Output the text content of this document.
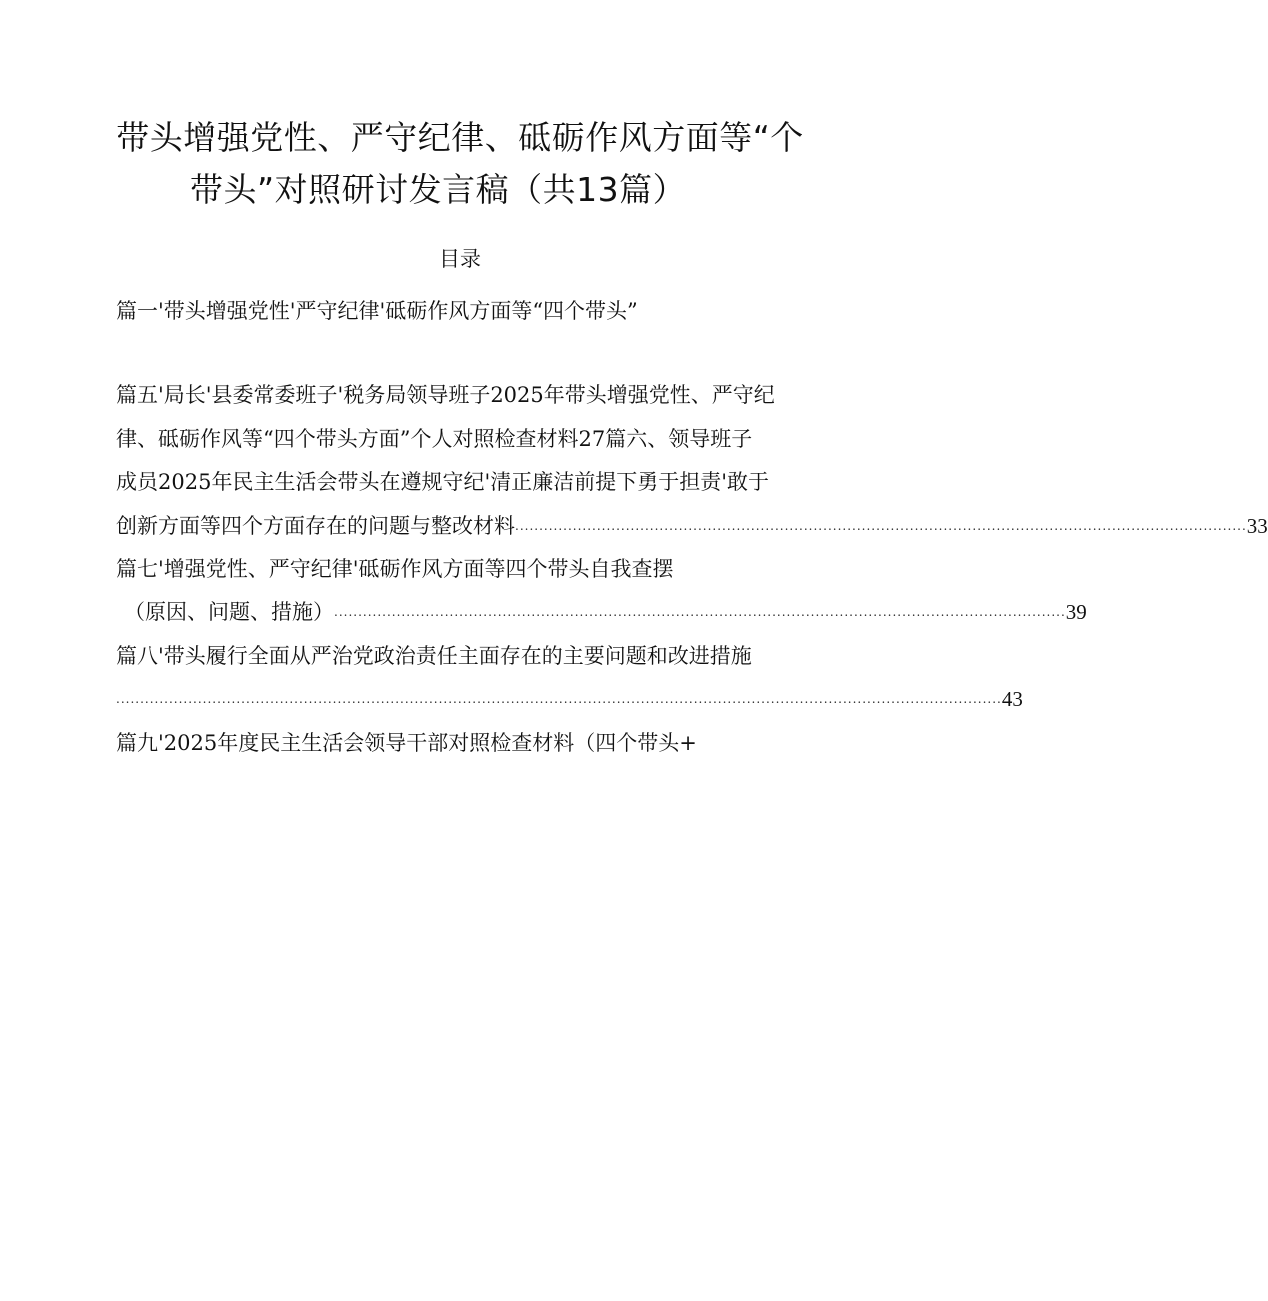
带头增强党性、严守纪律、砥砺作风方面等“个
带头”对照研讨发言稿（共13篇）
目录
篇一'带头增强党性'严守纪律'砥砺作风方面等“四个带头”
篇五'局长'县委常委班子'税务局领导班子2025年带头增强党性、严守纪
律、砥砺作风等“四个带头方面”个人对照检查材料27篇六、领导班子
成员2025年民主生活会带头在遵规守纪'清正廉洁前提下勇于担责'敢于
创新方面等四个方面存在的问题与整改材料 ........................................................................................................................................................ 33
篇七'增强党性、严守纪律'砥砺作风方面等四个带头自我查摆
（原因、问题、措施） ........................................................................................................................................................ 39
篇八'带头履行全面从严治党政治责任主面存在的主要问题和改进措施
........................................................................................................................................................................................ 43
篇九'2025年度民主生活会领导干部对照检查材料（四个带头+
